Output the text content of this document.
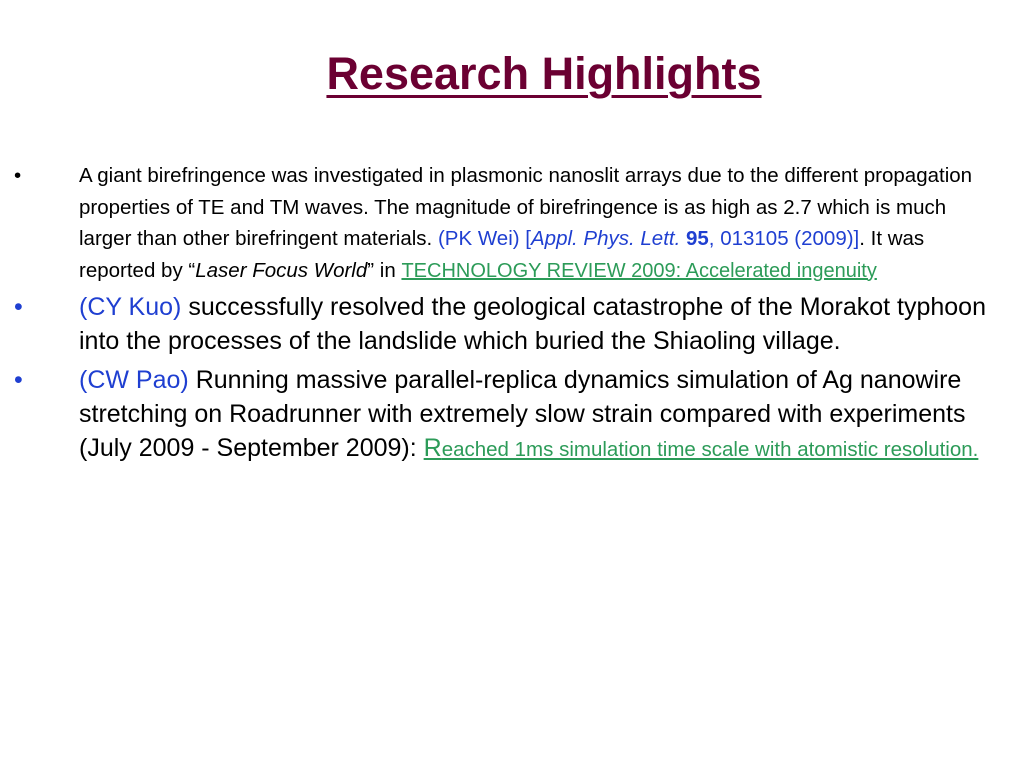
Research Highlights
•	A giant birefringence was investigated in plasmonic nanoslit arrays due to the different propagation properties of TE and TM waves. The magnitude of birefringence is as high as 2.7 which is much larger than other birefringent materials. (PK Wei) [Appl. Phys. Lett. 95, 013105 (2009)]. It was reported by “Laser Focus World” in TECHNOLOGY REVIEW 2009: Accelerated ingenuity
• (CY Kuo) successfully resolved the geological catastrophe of the Morakot typhoon into the processes of the landslide which buried the Shiaoling village.
• (CW Pao) Running massive parallel-replica dynamics simulation of Ag nanowire stretching on Roadrunner with extremely slow strain compared with experiments (July 2009 - September 2009): Reached 1ms simulation time scale with atomistic resolution.
